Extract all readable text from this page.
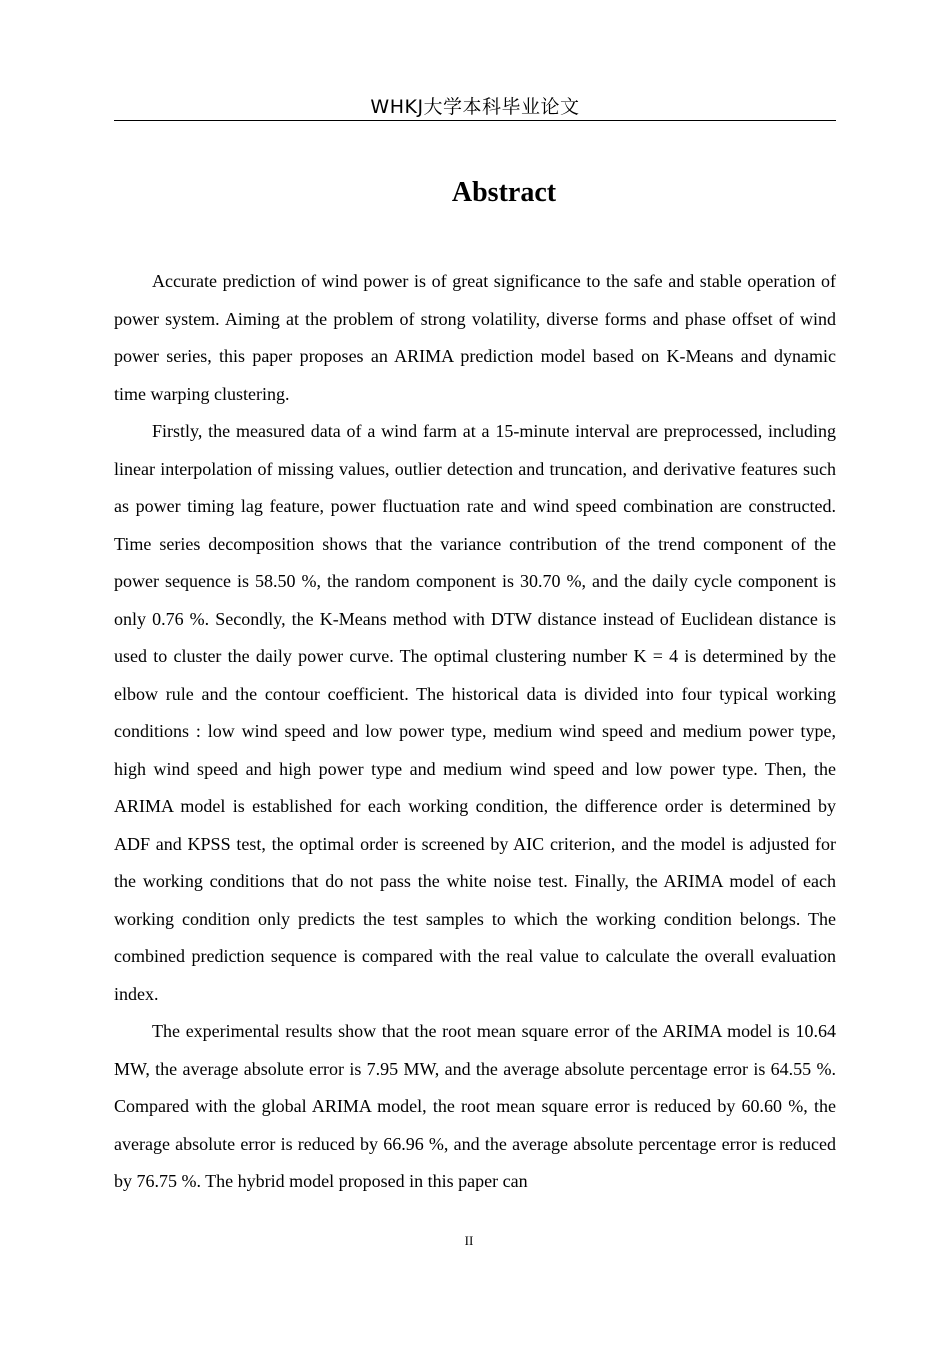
WHKJ大学本科毕业论文
Abstract

Accurate prediction of wind power is of great significance to the safe and stable operation of power system. Aiming at the problem of strong volatility, diverse forms and phase offset of wind power series, this paper proposes an ARIMA prediction model based on K-Means and dynamic time warping clustering.

Firstly, the measured data of a wind farm at a 15-minute interval are preprocessed, including linear interpolation of missing values, outlier detection and truncation, and derivative features such as power timing lag feature, power fluctuation rate and wind speed combination are constructed. Time series decomposition shows that the variance contribution of the trend component of the power sequence is 58.50 %, the random component is 30.70 %, and the daily cycle component is only 0.76 %. Secondly, the K-Means method with DTW distance instead of Euclidean distance is used to cluster the daily power curve. The optimal clustering number K = 4 is determined by the elbow rule and the contour coefficient. The historical data is divided into four typical working conditions : low wind speed and low power type, medium wind speed and medium power type, high wind speed and high power type and medium wind speed and low power type. Then, the ARIMA model is established for each working condition, the difference order is determined by ADF and KPSS test, the optimal order is screened by AIC criterion, and the model is adjusted for the working conditions that do not pass the white noise test. Finally, the ARIMA model of each working condition only predicts the test samples to which the working condition belongs. The combined prediction sequence is compared with the real value to calculate the overall evaluation index.

The experimental results show that the root mean square error of the ARIMA model is 10.64 MW, the average absolute error is 7.95 MW, and the average absolute percentage error is 64.55 %. Compared with the global ARIMA model, the root mean square error is reduced by 60.60 %, the average absolute error is reduced by 66.96 %, and the average absolute percentage error is reduced by 76.75 %. The hybrid model proposed in this paper can

II
